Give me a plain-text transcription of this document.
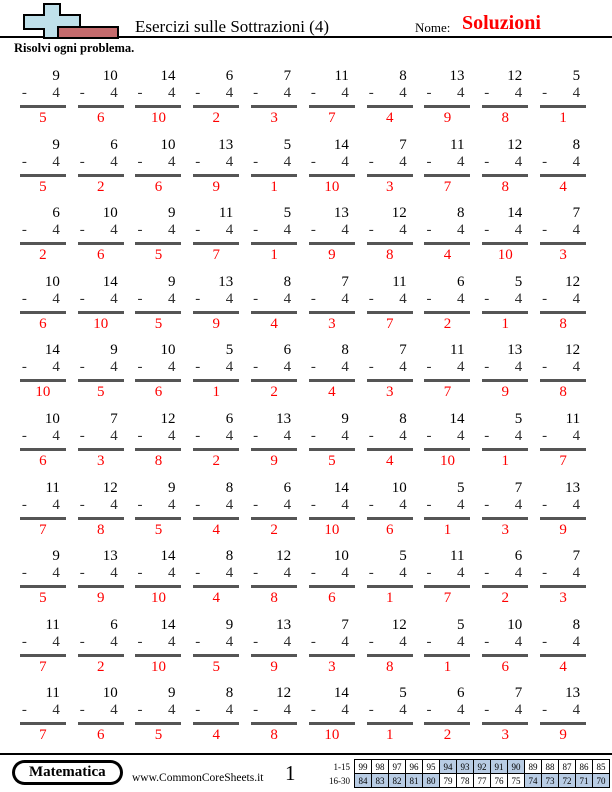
Esercizi sulle Sottrazioni (4)	Nome: Soluzioni
Risolvi ogni problema.
9
- 4
5
10
- 4
6
14
- 4
10
6
- 4
2
7
- 4
3
11
- 4
7
8
- 4
4
13
- 4
9
12
- 4
8
5
- 4
1
9
- 4
5
6
- 4
2
10
- 4
6
13
- 4
9
5
- 4
1
14
- 4
10
7
- 4
3
11
- 4
7
12
- 4
8
8
- 4
4
6
- 4
2
10
- 4
6
9
- 4
5
11
- 4
7
5
- 4
1
13
- 4
9
12
- 4
8
8
- 4
4
14
- 4
10
7
- 4
3
10
- 4
6
14
- 4
10
9
- 4
5
13
- 4
9
8
- 4
4
7
- 4
3
11
- 4
7
6
- 4
2
5
- 4
1
12
- 4
8
14
- 4
10
9
- 4
5
10
- 4
6
5
- 4
1
6
- 4
2
8
- 4
4
7
- 4
3
11
- 4
7
13
- 4
9
12
- 4
8
10
- 4
6
7
- 4
3
12
- 4
8
6
- 4
2
13
- 4
9
9
- 4
5
8
- 4
4
14
- 4
10
5
- 4
1
11
- 4
7
11
- 4
7
12
- 4
8
9
- 4
5
8
- 4
4
6
- 4
2
14
- 4
10
10
- 4
6
5
- 4
1
7
- 4
3
13
- 4
9
9
- 4
5
13
- 4
9
14
- 4
10
8
- 4
4
12
- 4
8
10
- 4
6
5
- 4
1
11
- 4
7
6
- 4
2
7
- 4
3
11
- 4
7
6
- 4
2
14
- 4
10
9
- 4
5
13
- 4
9
7
- 4
3
12
- 4
8
5
- 4
1
10
- 4
6
8
- 4
4
11
- 4
7
10
- 4
6
9
- 4
5
8
- 4
4
12
- 4
8
14
- 4
10
5
- 4
1
6
- 4
2
7
- 4
3
13
- 4
9
Matematica	www.CommonCoreSheets.it 1	1-15	99	98	97	96	95	94	93	92	91	90	89	88	87	86	85
16-30	84	83	82	81	80	79	78	77	76	75	74	73	72	71	70
